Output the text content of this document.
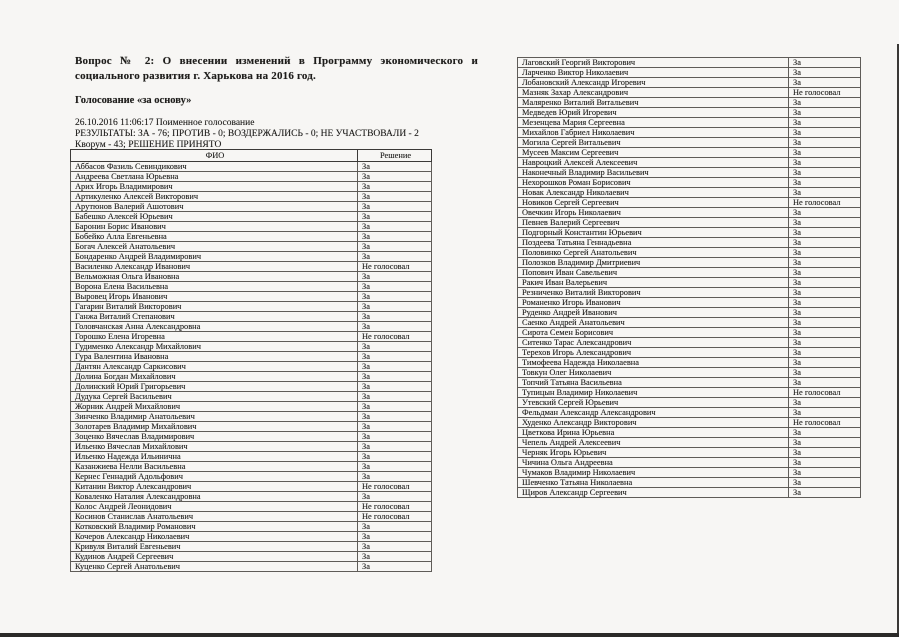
Вопрос № 2: О внесении изменений в Программу экономического и социального развития г. Харькова на 2016 год.

Голосование «за основу»

26.10.2016 11:06:17 Поименное голосование

РЕЗУЛЬТАТЫ: ЗА - 76; ПРОТИВ - 0; ВОЗДЕРЖАЛИСЬ - 0; НЕ УЧАСТВОВАЛИ - 2

Кворум - 43; РЕШЕНИЕ ПРИНЯТО

ФИО	Решение
Аббасов Фазиль Севиндикович	За
Андреева Светлана Юрьевна	За
Арих Игорь Владимирович	За
Артикуленко Алексей Викторович	За
Арутюнов Валерий Ашотович	За
Бабешко Алексей Юрьевич	За
Баронин Борис Иванович	За
Бобейко Алла Евгеньевна	За
Богач Алексей Анатольевич	За
Бондаренко Андрей Владимирович	За
Василенко Александр Иванович	Не голосовал
Вельможная Ольга Ивановна	За
Ворона Елена Васильевна	За
Выровец Игорь Иванович	За
Гагарин Виталий Викторович	За
Ганжа Виталий Степанович	За
Головчанская Анна Александровна	За
Горошко Елена Игоревна	Не голосовал
Гудименко Александр Михайлович	За
Гура Валентина Ивановна	За
Дантян Александр Саркисович	За
Долина Богдан Михайлович	За
Долинский Юрий Григорьевич	За
Дудука Сергей Васильевич	За
Жорник Андрей Михайлович	За
Зинченко Владимир Анатольевич	За
Золотарев Владимир Михайлович	За
Зоценко Вячеслав Владимирович	За
Ильенко Вячеслав Михайлович	За
Ильенко Надежда Ильинична	За
Казанжиева Нелли Васильевна	За
Кернес Геннадий Адольфович	За
Китанин Виктор Александрович	Не голосовал
Коваленко Наталия Александровна	За
Колос Андрей Леонидович	Не голосовал
Косинов Станислав Анатольевич	Не голосовал
Котковский Владимир Романович	За
Кочеров Александр Николаевич	За
Кривуля Виталий Евгеньевич	За
Кудинов Андрей Сергеевич	За
Куценко Сергей Анатольевич	За
Лаговский Георгий Викторович	За
Ларченко Виктор Николаевич	За
Лобановский Александр Игоревич	За
Мазняк Захар Александрович	Не голосовал
Маляренко Виталий Витальевич	За
Медведев Юрий Игоревич	За
Мезенцева Мария Сергеевна	За
Михайлов Габриел Николаевич	За
Могила Сергей Витальевич	За
Мусеев Максим Сергеевич	За
Навроцкий Алексей Алексеевич	За
Наконечный Владимир Васильевич	За
Нехорошков Роман Борисович	За
Новак Александр Николаевич	За
Новиков Сергей Сергеевич	Не голосовал
Овечкин Игорь Николаевич	За
Певнев Валерий Сергеевич	За
Подгорный Константин Юрьевич	За
Поздеева Татьяна Геннадьевна	За
Половинко Сергей Анатольевич	За
Полозков Владимир Дмитриевич	За
Попович Иван Савельевич	За
Ракич Иван Валерьевич	За
Резниченко Виталий Викторович	За
Романенко Игорь Иванович	За
Руденко Андрей Иванович	За
Саенко Андрей Анатольевич	За
Сирота Семен Борисович	За
Ситенко Тарас Александрович	За
Терехов Игорь Александрович	За
Тимофеева Надежда Николаевна	За
Товкун Олег Николаевич	За
Топчий Татьяна Васильевна	За
Тупицын Владимир Николаевич	Не голосовал
Утевский Сергей Юрьевич	За
Фельдман Александр Александрович	За
Худенко Александр Викторович	Не голосовал
Цветкова Ирина Юрьевна	За
Чепель Андрей Алексеевич	За
Черняк Игорь Юрьевич	За
Чичина Ольга Андреевна	За
Чумаков Владимир Николаевич	За
Шевченко Татьяна Николаевна	За
Щиров Александр Сергеевич	За
